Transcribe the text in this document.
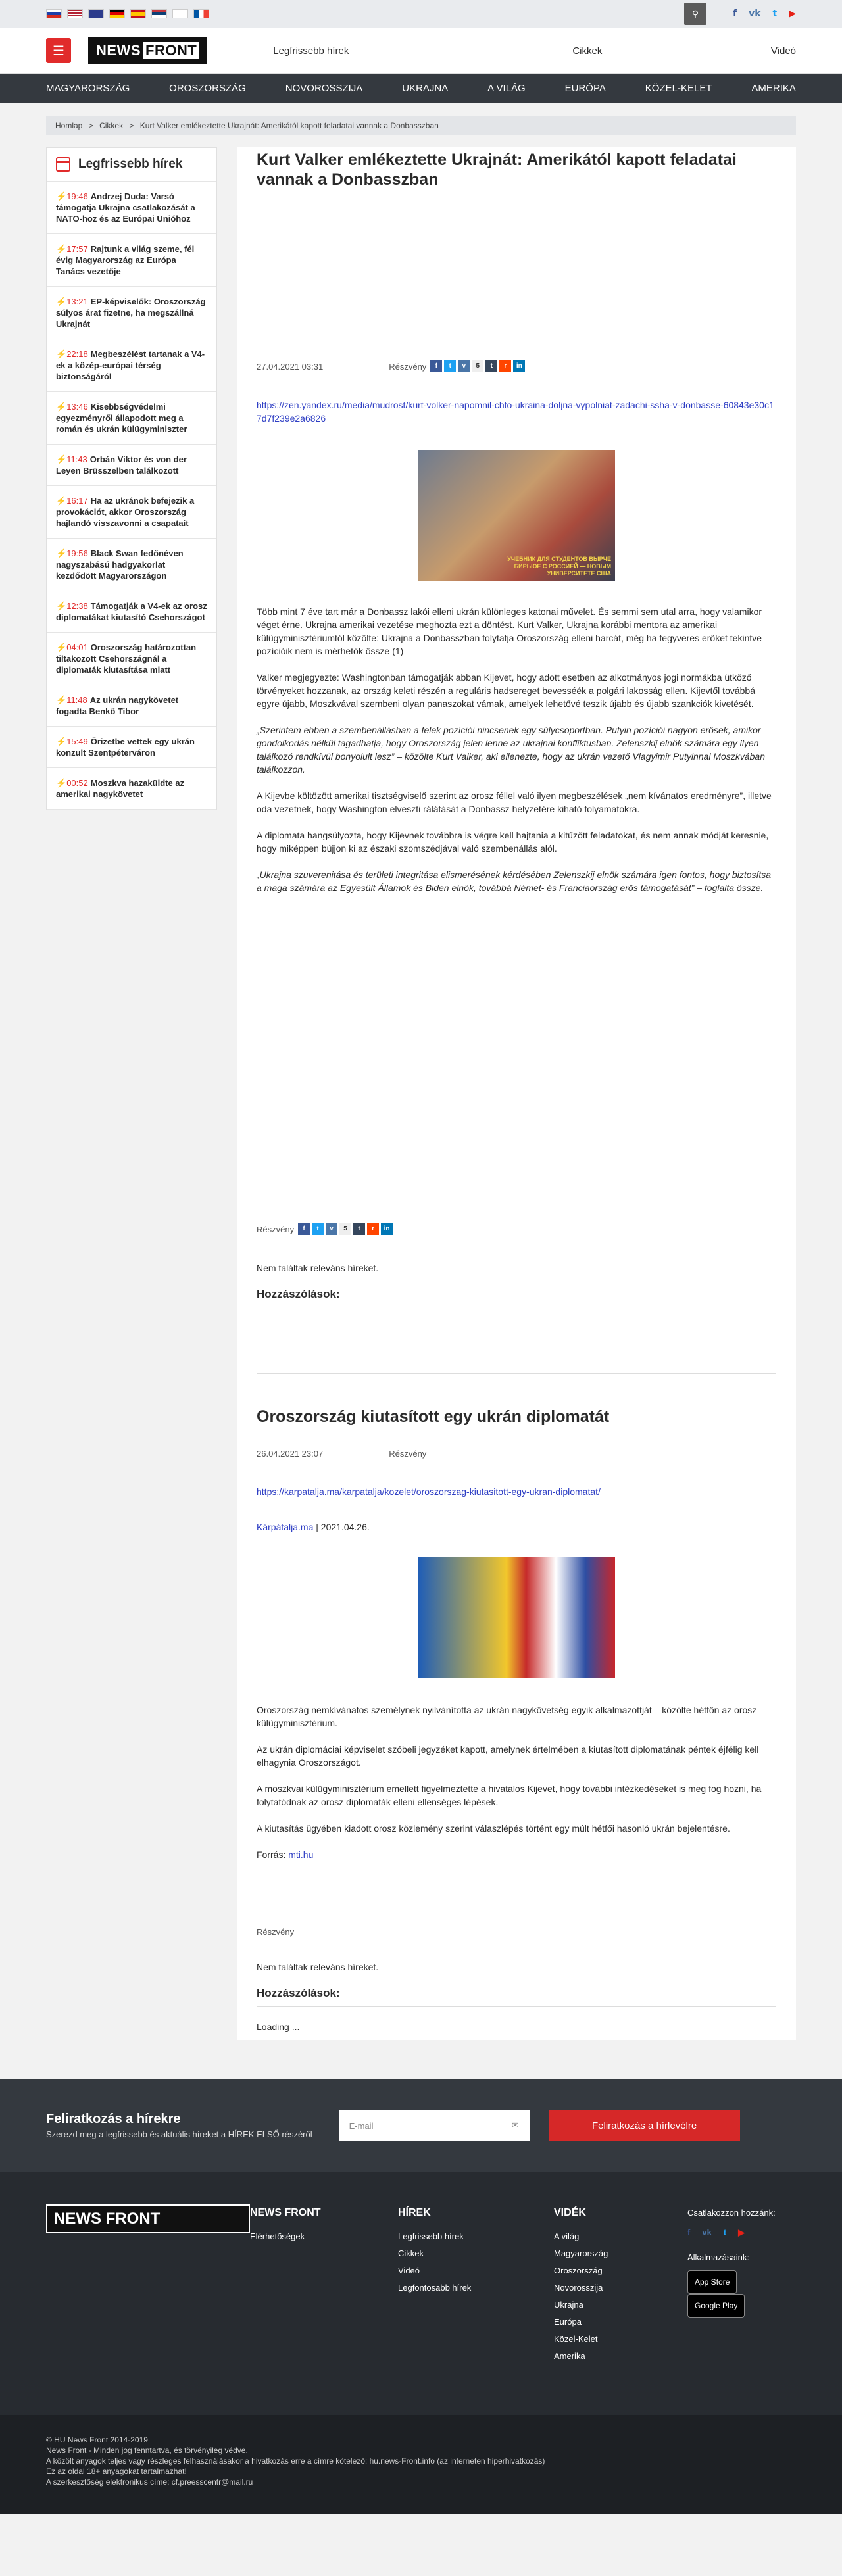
⚲	f vk t ▶
☰	NEWS FRONT	Legfrissebb hírek	Cikkek	Videó
MAGYARORSZÁG	OROSZORSZÁG	NOVOROSSZIJA	UKRAJNA	A VILÁG	EURÓPA	KÖZEL-KELET	AMERIKA
Homlap > Cikkek > Kurt Valker emlékeztette Ukrajnát: Amerikától kapott feladatai vannak a Donbasszban
Legfrissebb hírek
⚡19:46 Andrzej Duda: Varsó támogatja Ukrajna csatlakozását a NATO-hoz és az Európai Unióhoz
⚡17:57 Rajtunk a világ szeme, fél évig Magyarország az Európa Tanács vezetője
⚡13:21 EP-képviselők: Oroszország súlyos árat fizetne, ha megszállná Ukrajnát
⚡22:18 Megbeszélést tartanak a V4-ek a közép-európai térség biztonságáról
⚡13:46 Kisebbségvédelmi egyezményről állapodott meg a román és ukrán külügyminiszter
⚡11:43 Orbán Viktor és von der Leyen Brüsszelben találkozott
⚡16:17 Ha az ukránok befejezik a provokációt, akkor Oroszország hajlandó visszavonni a csapatait
⚡19:56 Black Swan fedőnéven nagyszabású hadgyakorlat kezdődött Magyarországon
⚡12:38 Támogatják a V4-ek az orosz diplomatákat kiutasító Csehországot
⚡04:01 Oroszország határozottan tiltakozott Csehországnál a diplomaták kiutasítása miatt
⚡11:48 Az ukrán nagykövetet fogadta Benkő Tibor
⚡15:49 Őrizetbe vettek egy ukrán konzult Szentpéterváron
⚡00:52 Moszkva hazaküldte az amerikai nagykövetet
Kurt Valker emlékeztette Ukrajnát: Amerikától kapott feladatai vannak a Donbasszban
27.04.2021 03:31	Részvény	f	t	v	5	t	r	in
https://zen.yandex.ru/media/mudrost/kurt-volker-napomnil-chto-ukraina-doljna-vypolniat-zadachi-ssha-v-donbasse-60843e30c17d7f239e2a6826
УЧЕБНИК ДЛЯ СТУДЕНТОВ ВЫРЧЕ БИРЬЮЕ С РОССИЕЙ — НОВЫМ УНИВЕРСИТЕТЕ США

Több mint 7 éve tart már a Donbassz lakói elleni ukrán különleges katonai művelet. És semmi sem utal arra, hogy valamikor véget érne. Ukrajna amerikai vezetése meghozta ezt a döntést. Kurt Valker, Ukrajna korábbi mentora az amerikai külügyminisztériumtól közölte: Ukrajna a Donbasszban folytatja Oroszország elleni harcát, még ha fegyveres erőket tekintve pozícióik nem is mérhetők össze (1)

Valker megjegyezte: Washingtonban támogatják abban Kijevet, hogy adott esetben az alkotmányos jogi normákba ütköző törvényeket hozzanak, az ország keleti részén a reguláris hadsereget bevesséék a polgári lakosság ellen. Kijevtől továbbá egyre újabb, Moszkvával szembeni olyan panaszokat vámak, amelyek lehetővé teszik újabb és újabb szankciók kivetését.

„Szerintem ebben a szembenállásban a felek pozíciói nincsenek egy súlycsoportban. Putyin pozíciói nagyon erősek, amikor gondolkodás nélkül tagadhatja, hogy Oroszország jelen lenne az ukrajnai konfliktusban. Zelenszkij elnök számára egy ilyen találkozó rendkívül bonyolult lesz” – közölte Kurt Valker, aki ellenezte, hogy az ukrán vezető Vlagyimir Putyinnal Moszkvában találkozzon.

A Kijevbe költözött amerikai tisztségviselő szerint az orosz féllel való ilyen megbeszélések „nem kívánatos eredményre”, illetve oda vezetnek, hogy Washington elveszti rálátását a Donbassz helyzetére kiható folyamatokra.

A diplomata hangsúlyozta, hogy Kijevnek továbbra is végre kell hajtania a kitűzött feladatokat, és nem annak módját keresnie, hogy miképpen bújjon ki az északi szomszédjával való szembenállás alól.

„Ukrajna szuverenitása és területi integritása elismerésének kérdésében Zelenszkij elnök számára igen fontos, hogy biztosítsa a maga számára az Egyesült Államok és Biden elnök, továbbá Német- és Franciaország erős támogatását” – foglalta össze.

Részvény	f	t	v	5	t	r	in

Nem találtak releváns híreket.

Hozzászólások:
Oroszország kiutasított egy ukrán diplomatát
26.04.2021 23:07	Részvény
https://karpatalja.ma/karpatalja/kozelet/oroszorszag-kiutasitott-egy-ukran-diplomatat/
Kárpátalja.ma | 2021.04.26.

Oroszország nemkívánatos személynek nyilvánította az ukrán nagykövetség egyik alkalmazottját – közölte hétfőn az orosz külügyminisztérium.

Az ukrán diplomáciai képviselet szóbeli jegyzéket kapott, amelynek értelmében a kiutasított diplomatának péntek éjfélig kell elhagynia Oroszországot.

A moszkvai külügyminisztérium emellett figyelmeztette a hivatalos Kijevet, hogy további intézkedéseket is meg fog hozni, ha folytatódnak az orosz diplomaták elleni ellenséges lépések.

A kiutasítás ügyében kiadott orosz közlemény szerint válaszlépés történt egy múlt hétfői hasonló ukrán bejelentésre.

Forrás: mti.hu

Részvény

Nem találtak releváns híreket.

Hozzászólások:

Loading ...

Feliratkozás a hírekre

Szerezd meg a legfrissebb és aktuális híreket a HÍREK ELSŐ részéről

E-mail	✉	Feliratkozás a hírlevélre
NEWS FRONT	NEWS FRONT
Elérhetőségek
HÍREK
Legfrissebb hírek
Cikkek
Videó
Legfontosabb hírek
VIDÉK
A világ
Magyarország
Oroszország
Novorosszija
Ukrajna
Európa
Közel-Kelet
Amerika
Csatlakozzon hozzánk:
f vk t ▶
Alkalmazásaink:
App Store Google Play
© HU News Front 2014-2019
News Front - Minden jog fenntartva, és törvényileg védve.
A közölt anyagok teljes vagy részleges felhasználásakor a hivatkozás erre a címre kötelező: hu.news-Front.info (az interneten hiperhivatkozás)
Ez az oldal 18+ anyagokat tartalmazhat!
A szerkesztőség elektronikus címe: cf.preesscentr@mail.ru
